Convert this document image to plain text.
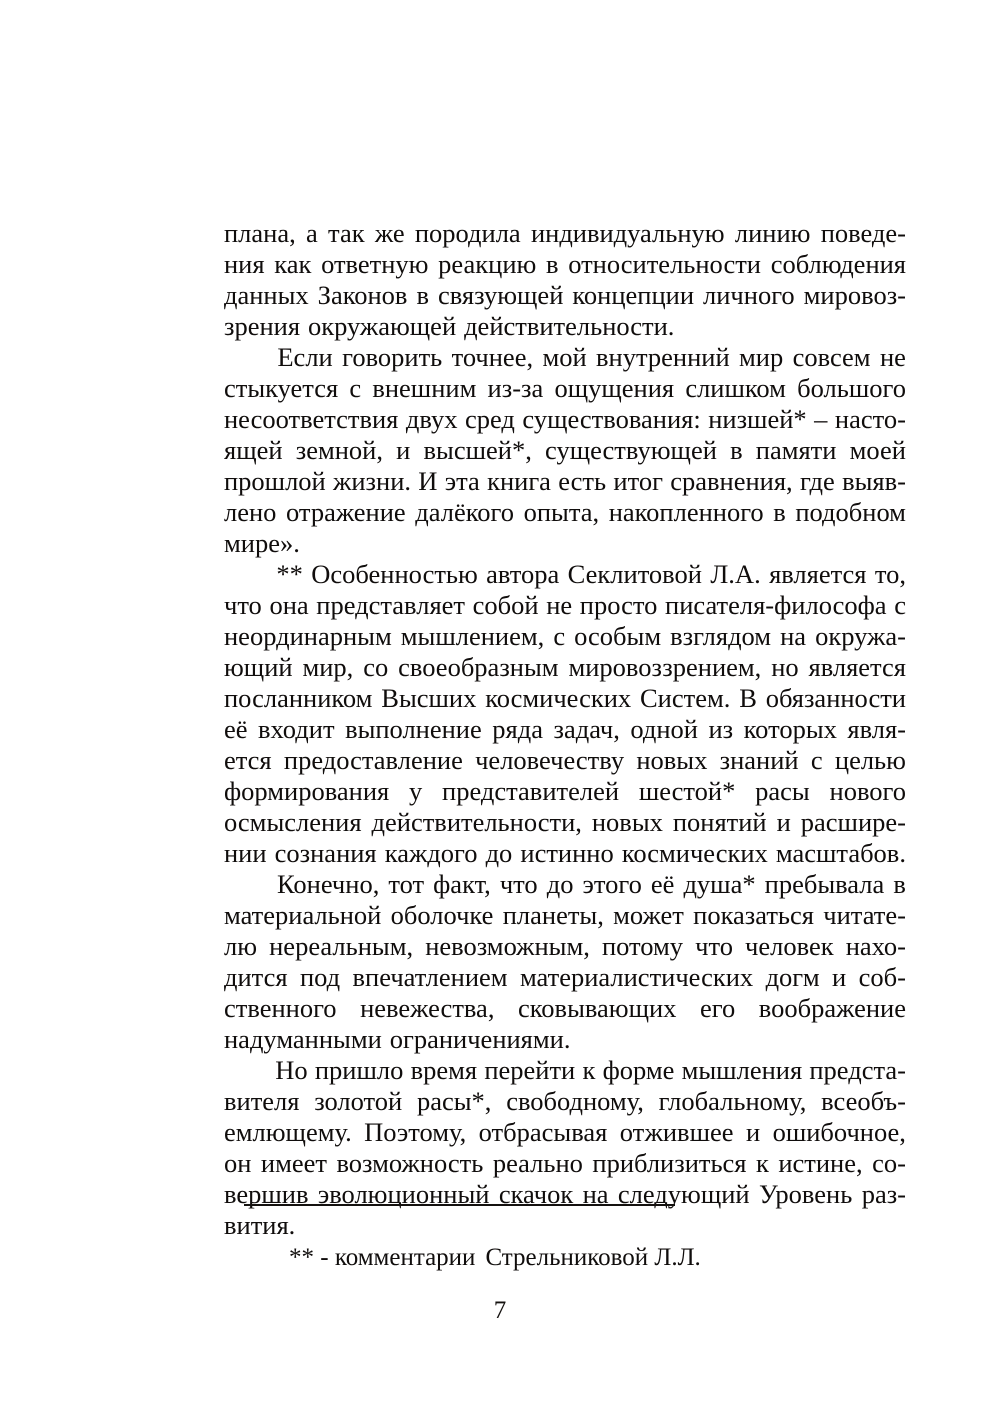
плана, а так же породила индивидуальную линию поведе-
ния как ответную реакцию в относительности соблюдения
данных Законов в связующей концепции личного мировоз-
зрения окружающей действительности.
Если говорить точнее, мой внутренний мир совсем не
стыкуется с внешним из-за ощущения слишком большого
несоответствия двух сред существования: низшей* – насто-
ящей земной, и высшей*, существующей в памяти моей
прошлой жизни. И эта книга есть итог сравнения, где выяв-
лено отражение далёкого опыта, накопленного в подобном
мире».
** Особенностью автора Секлитовой Л.А. является то,
что она представляет собой не просто писателя-философа с
неординарным мышлением, с особым взглядом на окружа-
ющий мир, со своеобразным мировоззрением, но является
посланником Высших космических Систем. В обязанности
её входит выполнение ряда задач, одной из которых явля-
ется предоставление человечеству новых знаний с целью
формирования у представителей шестой* расы нового
осмысления действительности, новых понятий и расшире-
нии сознания каждого до истинно космических масштабов.
Конечно, тот факт, что до этого её душа* пребывала в
материальной оболочке планеты, может показаться читате-
лю нереальным, невозможным, потому что человек нахо-
дится под впечатлением материалистических догм и соб-
ственного невежества, сковывающих его воображение
надуманными ограничениями.
Но пришло время перейти к форме мышления предста-
вителя золотой расы*, свободному, глобальному, всеобъ-
емлющему. Поэтому, отбрасывая отжившее и ошибочное,
он имеет возможность реально приблизиться к истине, со-
вершив эволюционный скачок на следующий Уровень раз-
вития.

** - комментарии Стрельниковой Л.Л.

7
